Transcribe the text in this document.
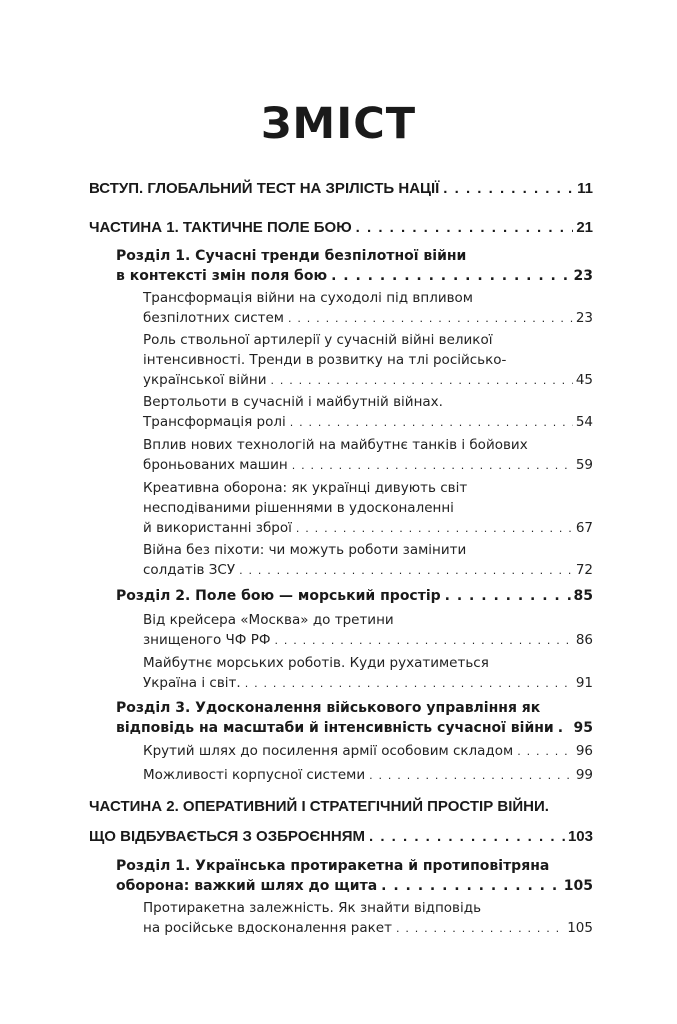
ЗМІСТ
ВСТУП. ГЛОБАЛЬНИЙ ТЕСТ НА ЗРІЛІСТЬ НАЦІЇ . . .	11
ЧАСТИНА 1. ТАКТИЧНЕ ПОЛЕ БОЮ . . .	21
Розділ 1. Сучасні тренди безпілотної війни
в контексті змін поля бою . . .	23
Трансформація війни на суходолі під впливом
безпілотних систем . . .	23
Роль ствольної артилерії у сучасній війні великої
інтенсивності. Тренди в розвитку на тлі російсько-
української війни . . .	45
Вертольоти в сучасній і майбутній війнах.
Трансформація ролі . . .	54
Вплив нових технологій на майбутнє танків і бойових
броньованих машин . . .	59
Креативна оборона: як українці дивують світ
несподіваними рішеннями в удосконаленні
й використанні зброї . . .	67
Війна без піхоти: чи можуть роботи замінити
солдатів ЗСУ . . .	72
Розділ 2. Поле бою — морський простір . . .	85
Від крейсера «Москва» до третини
знищеного ЧФ РФ . . .	86
Майбутнє морських роботів. Куди рухатиметься
Україна і світ. . . .	91
Розділ 3. Удосконалення військового управління як
відповідь на масштаби й інтенсивність сучасної війни . . . 95
Крутий шлях до посилення армії особовим складом . . .	96
Можливості корпусної системи . . .	99
ЧАСТИНА 2. ОПЕРАТИВНИЙ І СТРАТЕГІЧНИЙ ПРОСТІР ВІЙНИ.
ЩО ВІДБУВАЄТЬСЯ З ОЗБРОЄННЯМ . . .	103
Розділ 1. Українська протиракетна й протиповітряна
оборона: важкий шлях до щита . . .	105
Протиракетна залежність. Як знайти відповідь
на російське вдосконалення ракет . . .	105
